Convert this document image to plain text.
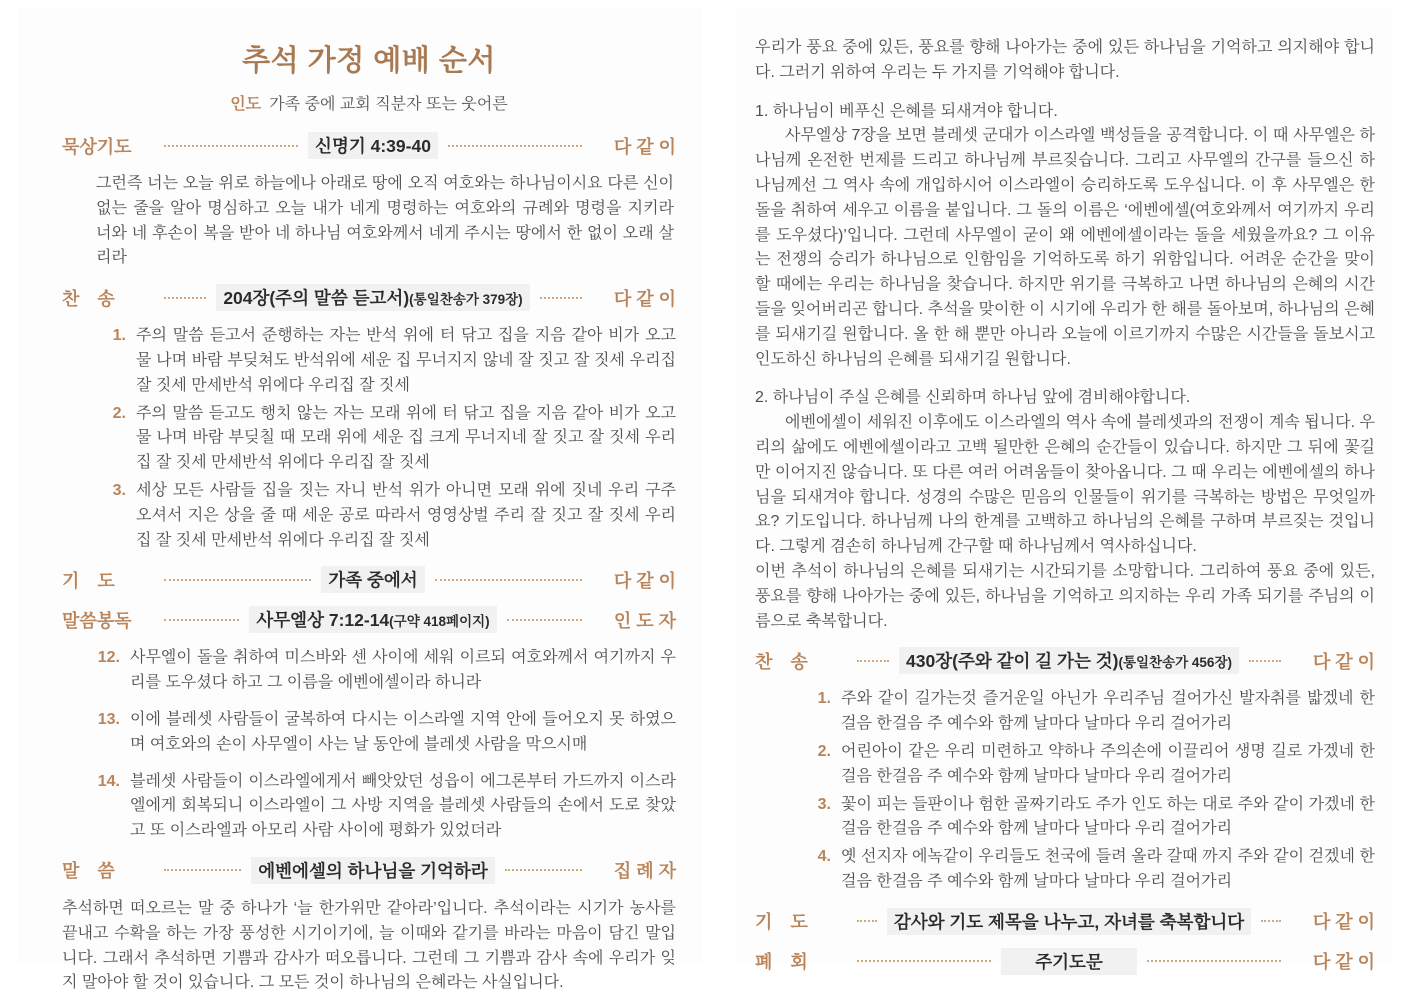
추석 가정 예배 순서

인도 가족 중에 교회 직분자 또는 웃어른

묵상기도	신명기 4:39-40	다 같 이

그런즉 너는 오늘 위로 하늘에나 아래로 땅에 오직 여호와는 하나님이시요 다른 신이 없는 줄을 알아 명심하고 오늘 내가 네게 명령하는 여호와의 규례와 명령을 지키라 너와 네 후손이 복을 받아 네 하나님 여호와께서 네게 주시는 땅에서 한 없이 오래 살리라

찬　송	204장(주의 말씀 듣고서)(통일찬송가 379장)	다 같 이
1. 주의 말씀 듣고서 준행하는 자는 반석 위에 터 닦고 집을 지음 같아 비가 오고 물 나며 바람 부딪쳐도 반석위에 세운 집 무너지지 않네 잘 짓고 잘 짓세 우리집 잘 짓세 만세반석 위에다 우리집 잘 짓세
2. 주의 말씀 듣고도 행치 않는 자는 모래 위에 터 닦고 집을 지음 같아 비가 오고 물 나며 바람 부딪칠 때 모래 위에 세운 집 크게 무너지네 잘 짓고 잘 짓세 우리집 잘 짓세 만세반석 위에다 우리집 잘 짓세
3. 세상 모든 사람들 집을 짓는 자니 반석 위가 아니면 모래 위에 짓네 우리 구주 오셔서 지은 상을 줄 때 세운 공로 따라서 영영상벌 주리 잘 짓고 잘 짓세 우리집 잘 짓세 만세반석 위에다 우리집 잘 짓세
기　도	가족 중에서	다 같 이
말씀봉독	사무엘상 7:12-14(구약 418페이지)	인 도 자
12. 사무엘이 돌을 취하여 미스바와 센 사이에 세워 이르되 여호와께서 여기까지 우리를 도우셨다 하고 그 이름을 에벤에셀이라 하니라
13. 이에 블레셋 사람들이 굴복하여 다시는 이스라엘 지역 안에 들어오지 못 하였으며 여호와의 손이 사무엘이 사는 날 동안에 블레셋 사람을 막으시매
14. 블레셋 사람들이 이스라엘에게서 빼앗았던 성읍이 에그론부터 가드까지 이스라엘에게 회복되니 이스라엘이 그 사방 지역을 블레셋 사람들의 손에서 도로 찾았고 또 이스라엘과 아모리 사람 사이에 평화가 있었더라
말　씀	에벤에셀의 하나님을 기억하라	집 례 자

추석하면 떠오르는 말 중 하나가 ‘늘 한가위만 같아라’입니다. 추석이라는 시기가 농사를 끝내고 수확을 하는 가장 풍성한 시기이기에, 늘 이때와 같기를 바라는 마음이 담긴 말입니다. 그래서 추석하면 기쁨과 감사가 떠오릅니다. 그런데 그 기쁨과 감사 속에 우리가 잊지 말아야 할 것이 있습니다. 그 모든 것이 하나님의 은혜라는 사실입니다.

우리가 풍요 중에 있든, 풍요를 향해 나아가는 중에 있든 하나님을 기억하고 의지해야 합니다. 그러기 위하여 우리는 두 가지를 기억해야 합니다.

1. 하나님이 베푸신 은혜를 되새겨야 합니다.

사무엘상 7장을 보면 블레셋 군대가 이스라엘 백성들을 공격합니다. 이 때 사무엘은 하나님께 온전한 번제를 드리고 하나님께 부르짖습니다. 그리고 사무엘의 간구를 들으신 하나님께선 그 역사 속에 개입하시어 이스라엘이 승리하도록 도우십니다. 이 후 사무엘은 한 돌을 취하여 세우고 이름을 붙입니다. 그 돌의 이름은 ‘에벤에셀(여호와께서 여기까지 우리를 도우셨다)’입니다. 그런데 사무엘이 굳이 왜 에벤에셀이라는 돌을 세웠을까요? 그 이유는 전쟁의 승리가 하나님으로 인함임을 기억하도록 하기 위함입니다. 어려운 순간을 맞이할 때에는 우리는 하나님을 찾습니다. 하지만 위기를 극복하고 나면 하나님의 은혜의 시간들을 잊어버리곤 합니다. 추석을 맞이한 이 시기에 우리가 한 해를 돌아보며, 하나님의 은혜를 되새기길 원합니다. 올 한 해 뿐만 아니라 오늘에 이르기까지 수많은 시간들을 돌보시고 인도하신 하나님의 은혜를 되새기길 원합니다.

2. 하나님이 주실 은혜를 신뢰하며 하나님 앞에 겸비해야합니다.

에벤에셀이 세워진 이후에도 이스라엘의 역사 속에 블레셋과의 전쟁이 계속 됩니다. 우리의 삶에도 에벤에셀이라고 고백 될만한 은혜의 순간들이 있습니다. 하지만 그 뒤에 꽃길만 이어지진 않습니다. 또 다른 여러 어려움들이 찾아옵니다. 그 때 우리는 에벤에셀의 하나님을 되새겨야 합니다. 성경의 수많은 믿음의 인물들이 위기를 극복하는 방법은 무엇일까요? 기도입니다. 하나님께 나의 한계를 고백하고 하나님의 은혜를 구하며 부르짖는 것입니다. 그렇게 겸손히 하나님께 간구할 때 하나님께서 역사하십니다.

이번 추석이 하나님의 은혜를 되새기는 시간되기를 소망합니다. 그리하여 풍요 중에 있든, 풍요를 향해 나아가는 중에 있든, 하나님을 기억하고 의지하는 우리 가족 되기를 주님의 이름으로 축복합니다.

찬　송	430장(주와 같이 길 가는 것)(통일찬송가 456장)	다 같 이
1. 주와 같이 길가는것 즐거운일 아닌가 우리주님 걸어가신 발자취를 밟겠네 한걸음 한걸음 주 예수와 함께 날마다 날마다 우리 걸어가리
2. 어린아이 같은 우리 미련하고 약하나 주의손에 이끌리어 생명 길로 가겠네 한걸음 한걸음 주 예수와 함께 날마다 날마다 우리 걸어가리
3. 꽃이 피는 들판이나 험한 골짜기라도 주가 인도 하는 대로 주와 같이 가겠네 한걸음 한걸음 주 예수와 함께 날마다 날마다 우리 걸어가리
4. 옛 선지자 에녹같이 우리들도 천국에 들려 올라 갈때 까지 주와 같이 걷겠네 한걸음 한걸음 주 예수와 함께 날마다 날마다 우리 걸어가리
기　도	감사와 기도 제목을 나누고, 자녀를 축복합니다	다 같 이
폐　회	주기도문	다 같 이
